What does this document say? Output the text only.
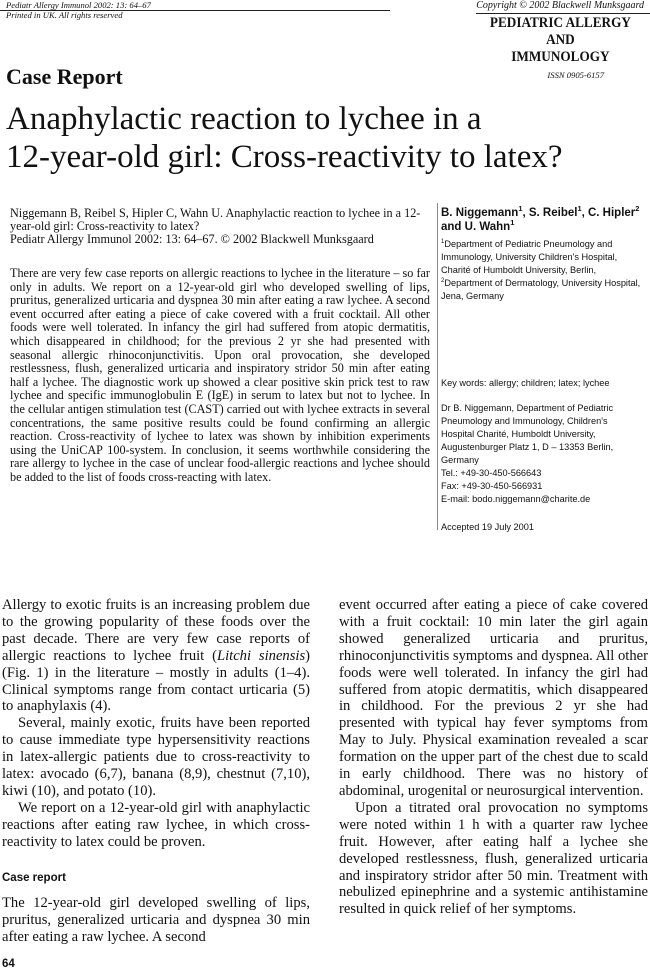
Pediatr Allergy Immunol 2002: 13: 64–67
Printed in UK. All rights reserved
Copyright © 2002 Blackwell Munksgaard
PEDIATRIC ALLERGY AND
IMMUNOLOGY
ISSN 0905-6157
Case Report
Anaphylactic reaction to lychee in a
12-year-old girl: Cross-reactivity to latex?
Niggemann B, Reibel S, Hipler C, Wahn U. Anaphylactic reaction to lychee in a 12-year-old girl: Cross-reactivity to latex?
Pediatr Allergy Immunol 2002: 13: 64–67. © 2002 Blackwell Munksgaard
There are very few case reports on allergic reactions to lychee in the literature – so far only in adults. We report on a 12-year-old girl who developed swelling of lips, pruritus, generalized urticaria and dyspnea 30 min after eating a raw lychee. A second event occurred after eating a piece of cake covered with a fruit cocktail. All other foods were well tolerated. In infancy the girl had suffered from atopic dermatitis, which disappeared in childhood; for the previous 2 yr she had presented with seasonal allergic rhinoconjunctivitis. Upon oral provocation, she developed restlessness, flush, generalized urticaria and inspiratory stridor 50 min after eating half a lychee. The diagnostic work up showed a clear positive skin prick test to raw lychee and specific immunoglobulin E (IgE) in serum to latex but not to lychee. In the cellular antigen stimulation test (CAST) carried out with lychee extracts in several concentrations, the same positive results could be found confirming an allergic reaction. Cross-reactivity of lychee to latex was shown by inhibition experiments using the UniCAP 100-system. In conclusion, it seems worthwhile considering the rare allergy to lychee in the case of unclear food-allergic reactions and lychee should be added to the list of foods cross-reacting with latex.
B. Niggemann$^1$, S. Reibel$^1$, C. Hipler$^2$
and U. Wahn$^1$
$^1$Department of Pediatric Pneumology and Immunology, University Children's Hospital, Charité of Humboldt University, Berlin,
$^2$Department of Dermatology, University Hospital, Jena, Germany
Key words: allergy; children; latex; lychee
Dr B. Niggemann, Department of Pediatric
Pneumology and Immunology, Children's
Hospital Charité, Humboldt University,
Augustenburger Platz 1, D – 13353 Berlin,
Germany
Tel.: +49-30-450-566643
Fax: +49-30-450-566931
E-mail: bodo.niggemann@charite.de
Accepted 19 July 2001

Allergy to exotic fruits is an increasing problem due to the growing popularity of these foods over the past decade. There are very few case reports of allergic reactions to lychee fruit (Litchi sinensis) (Fig. 1) in the literature – mostly in adults (1–4). Clinical symptoms range from contact urticaria (5) to anaphylaxis (4).

Several, mainly exotic, fruits have been reported to cause immediate type hypersensitivity reactions in latex-allergic patients due to cross-reactivity to latex: avocado (6,7), banana (8,9), chestnut (7,10), kiwi (10), and potato (10).

We report on a 12-year-old girl with anaphylactic reactions after eating raw lychee, in which cross-reactivity to latex could be proven.

Case report

The 12-year-old girl developed swelling of lips, pruritus, generalized urticaria and dyspnea 30 min after eating a raw lychee. A second

event occurred after eating a piece of cake covered with a fruit cocktail: 10 min later the girl again showed generalized urticaria and pruritus, rhinoconjunctivitis symptoms and dyspnea. All other foods were well tolerated. In infancy the girl had suffered from atopic dermatitis, which disappeared in childhood. For the previous 2 yr she had presented with typical hay fever symptoms from May to July. Physical examination revealed a scar formation on the upper part of the chest due to scald in early childhood. There was no history of abdominal, urogenital or neurosurgical intervention.

Upon a titrated oral provocation no symptoms were noted within 1 h with a quarter raw lychee fruit. However, after eating half a lychee she developed restlessness, flush, generalized urticaria and inspiratory stridor after 50 min. Treatment with nebulized epinephrine and a systemic antihistamine resulted in quick relief of her symptoms.

64
